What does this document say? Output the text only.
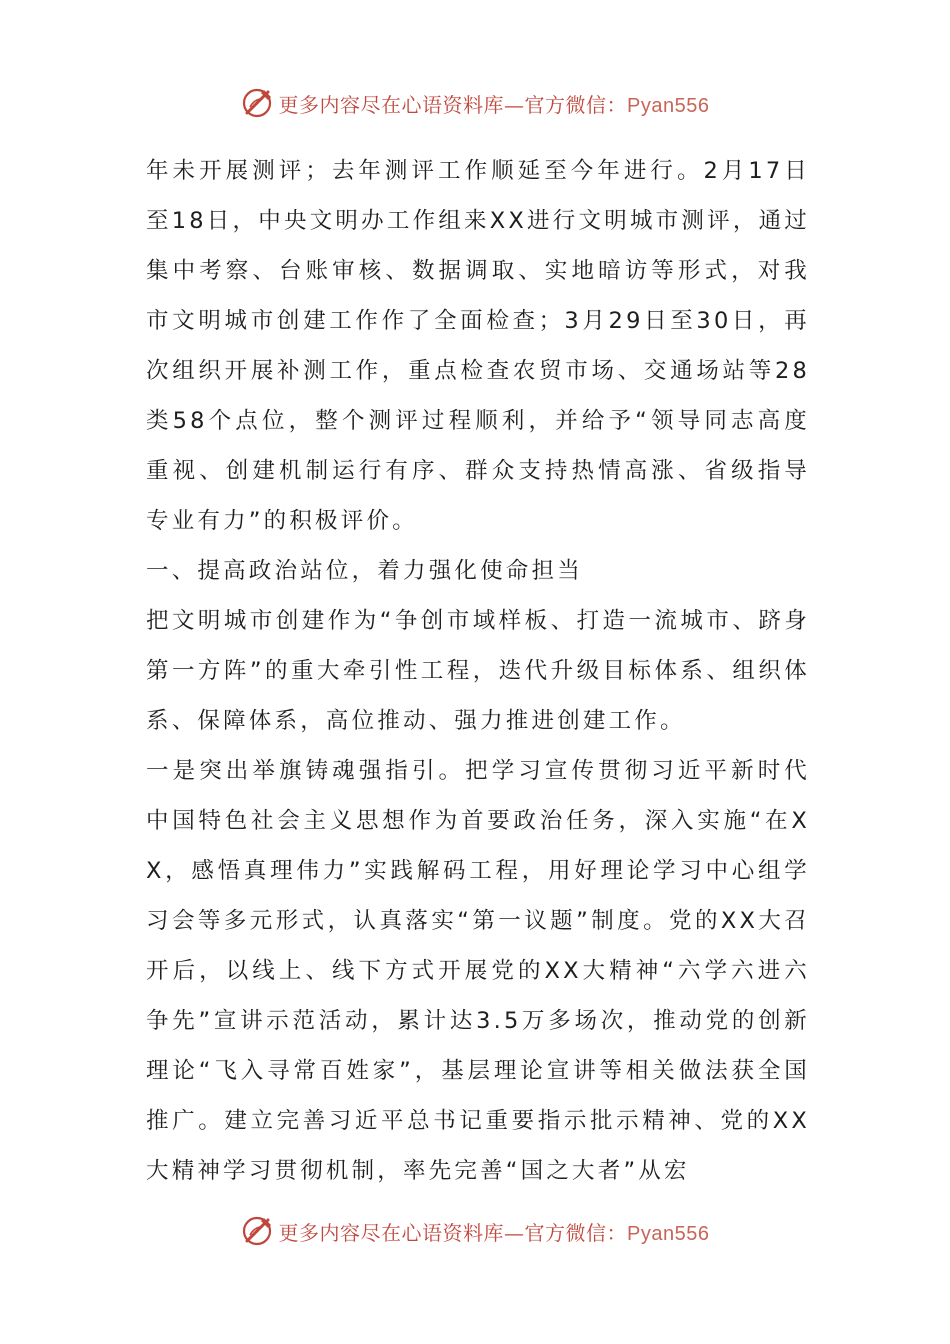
更多内容尽在心语资料库—官方微信：Pyan556

年未开展测评；去年测评工作顺延至今年进行。2月17日至18日，中央文明办工作组来XX进行文明城市测评，通过集中考察、台账审核、数据调取、实地暗访等形式，对我市文明城市创建工作作了全面检查；3月29日至30日，再次组织开展补测工作，重点检查农贸市场、交通场站等28类58个点位，整个测评过程顺利，并给予“领导同志高度重视、创建机制运行有序、群众支持热情高涨、省级指导专业有力”的积极评价。

一、提高政治站位，着力强化使命担当

把文明城市创建作为“争创市域样板、打造一流城市、跻身第一方阵”的重大牵引性工程，迭代升级目标体系、组织体系、保障体系，高位推动、强力推进创建工作。

一是突出举旗铸魂强指引。把学习宣传贯彻习近平新时代中国特色社会主义思想作为首要政治任务，深入实施“在XX，感悟真理伟力”实践解码工程，用好理论学习中心组学习会等多元形式，认真落实“第一议题”制度。党的XX大召开后，以线上、线下方式开展党的XX大精神“六学六进六争先”宣讲示范活动，累计达3.5万多场次，推动党的创新理论“飞入寻常百姓家”，基层理论宣讲等相关做法获全国推广。建立完善习近平总书记重要指示批示精神、党的XX大精神学习贯彻机制，率先完善“国之大者”从宏

更多内容尽在心语资料库—官方微信：Pyan556
